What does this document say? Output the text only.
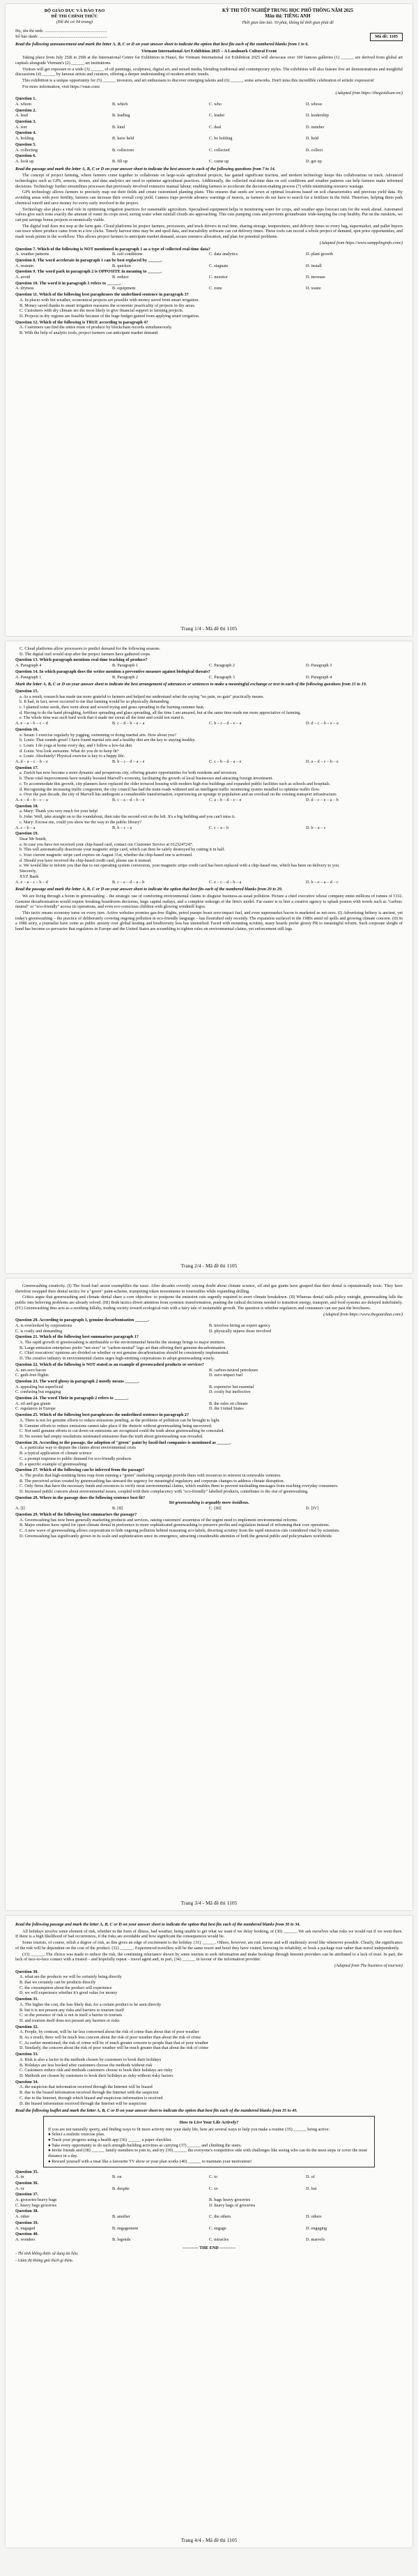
BỘ GIÁO DỤC VÀ ĐÀO TẠO
ĐỀ THI CHÍNH THỨC
(Đề thi có 04 trang)
KỲ THI TỐT NGHIỆP TRUNG HỌC PHỔ THÔNG NĂM 2025
Môn thi: TIẾNG ANH
Thời gian làm bài: 50 phút, không kể thời gian phát đề
Họ, tên thí sinh: .........................................................
Số báo danh: ..............................................................	Mã đề: 1105
Read the following announcement and mark the letter A, B, C or D on your answer sheet to indicate the option that best fits each of the numbered blanks from 1 to 6.
Vietnam International Art Exhibition 2025 – A Landmark Cultural Event
Taking place from July 25th to 29th at the International Centre for Exhibition in Hanoi, the Vietnam International Art Exhibition 2025 will showcase over 100 famous galleries (1) ______ are derived from global art capitals alongside Vietnam's (2) ______ art institutions.
Visitors will get exposure to a wide (3) ______ of oil paintings, sculptures, digital art, and mixed media, blending traditional and contemporary styles. The exhibition will also feature live art demonstrations and insightful discussions (4) ______ by famous artists and curators, offering a deeper understanding of modern artistic trends.
This exhibition is a unique opportunity for (5) ______ investors, and art enthusiasts to discover emerging talents and (6) ______ some artworks. Don't miss this incredible celebration of artistic expression!
For more information, visit https://vnae.com/
(Adapted from https://thegioidisan.vn/)
Question 1.
A. whom	B. which	C. who	D. whose
Question 2.
A. lead	B. leading	C. leader	D. leadership
Question 3.
A. sort	B. kind	C. deal	D. number
Question 4.
A. holding	B. have held	C. be holding	D. held
Question 5.
A. collecting	B. collectors	C. collected	D. collect
Question 6.
A. look up	B. fill up	C. come up	D. get up
Read the passage and mark the letter A, B, C or D on your answer sheet to indicate the best answer to each of the following questions from 7 to 14.
The concept of project farming, where farmers come together to collaborate on large-scale agricultural projects, has gained significant traction, and modern technology keeps this collaboration on track. Advanced technologies such as GPS, sensors, drones, and data analytics are used to optimise agricultural practices. Additionally, the collected real-time data on soil conditions and weather patterns can help farmers make informed decisions. Technology further streamlines processes that previously involved extensive manual labour, enabling farmers to accelerate the decision-making process (7) while minimising resource wastage.
GPS technology allows farmers to precisely map out their fields and create customised planting plans. This ensures that seeds are sown at optimal locations based on soil characteristics and previous yield data. By avoiding areas with poor fertility, farmers can increase their overall crop yield. Camera traps provide advance warnings of insects, as farmers do not have to search for a fertiliser in the field. Therefore, helping them park chemical runoff and save money for every early involved in the project.
Technology also plays a vital role in optimising irrigation practices for sustainable agriculture. Specialised equipment helps in monitoring water for crops, and weather apps forecast rain for the week ahead. Automated valves give each zone exactly the amount of water its crops need, saving water when rainfall clouds are approaching. This cuts pumping costs and prevents groundwater wide-keeping the crop healthy. Put on the outskirts, we can put savings bonus projects economically viable.
The digital trail does not stop at the farm gate. Cloud platforms let project farmers, processors, and truck drivers in real time, sharing storage, temperatures, and delivery times so every bag, supermarket, and pallet buyers can trace where produce came from in a few clicks. Timely harvest time may be and spoil data, and traceability software can cut delivery times. These tools can record a whole project of demand, spot price opportunities, and mark weak points in the workflow. This allows project farmers to anticipate market demand, secure resource allocation, and plan for potential problems.
(Adapted from https://www.sampplinginfo.com/)
Question 7. Which of the following is NOT mentioned in paragraph 1 as a type of collected real-time data?
A. weather patterns	B. soil conditions	C. data analytics	D. plant growth
Question 8. The word accelerate in paragraph 1 can be best replaced by ______.
A. restrain	B. quicken	C. stagnate	D. install
Question 9. The word park in paragraph 2 is OPPOSITE in meaning to ______.
A. avoid	B. reduce	C. monitor	D. increase
Question 10. The word it in paragraph 3 refers to ______.
A. dryness	B. equipment	C. zone	D. waste
Question 11. Which of the following best paraphrases the underlined sentence in paragraph 3?
A. In places with hot weather, economical projects are possible with money saved from smart irrigation.
B. Money saved thanks to smart irrigation reassures the economic practicality of projects in dry areas.
C. Customers with dry climate are the most likely to give financial support to farming projects.
D. Projects in dry regions are feasible because of the huge budget gained from applying smart irrigation.
Question 12. Which of the following is TRUE according to paragraph 4?
A. Customers can find the entire route of produce by blockchain records simultaneously.
B. With the help of analytic tools, project farmers can anticipate market demand.
Trang 1/4 - Mã đề thi 1105
C. Cloud platforms allow processors to predict demand for the following seasons.
D. The digital trail would stop after the project farmers have gathered crops.
Question 13. Which paragraph mentions real-time tracking of produce?
A. Paragraph 4	B. Paragraph 1	C. Paragraph 2	D. Paragraph 3
Question 14. In which paragraph does the writer mention a preventive measure against biological threats?
A. Paragraph 1	B. Paragraph 2	C. Paragraph 3	D. Paragraph 4
Mark the letter A, B, C or D on your answer sheet to indicate the best arrangement of utterances or sentences to make a meaningful exchange or text in each of the following questions from 15 to 19.
Question 15.
a. As a result, research has made me more grateful to farmers and helped me understand what the saying "no pain, no gain" practically means.
b. It had, in fact, never occurred to me that farming would be so physically demanding.
c. I planted some seeds, then went about and sowed trying and grass spreading in the burning summer heat.
d. Having to do the hand ploughing, fertiliser spreading and glass spreading, all the time I am amazed, but at the same time made me more appreciative of farming.
e. The whole time was such hard work that it made me sweat all the time and could not stand it.
A. e – a – b – c – d	B. c – d – b – e – a	C. b – c – d – e – a	D. d – c – b – e – a
Question 16.
a. Susan: I exercise regularly by jogging, swimming or doing martial arts. How about you?
b. Louis: That sounds great! I have found martial arts and a healthy diet are the key to staying healthy.
c. Louis: I do yoga at home every day, and I follow a low-fat diet.
d. Louis: You look awesome. What do you do to keep fit?
e. Louis: Absolutely! Physical exercise is key to a happy life.
A. d – a – c – b – e	B. b – c – d – a – e	C. c – b – d – a – e	D. a – d – c – b – e
Question 17.
a. Zurich has now become a more dynamic and prosperous city, offering greater opportunities for both residents and investors.
b. These vital improvements have notably boosted Marvell's economy, facilitating the growth of local businesses and attracting foreign investment.
c. To accommodate this growth, city planners have replaced the older terraced housing with modern high-rise buildings and expanded public facilities such as schools and hospitals.
d. Recognising the increasing traffic congestion, the city council has had the main roads widened and an intelligent traffic monitoring system installed to optimise traffic flow.
e. Over the past decade, the city of Marvell has undergone a considerable transformation, experiencing an upsurge in population and an overload on the existing transport infrastructure.
A. e – d – b – c – a	B. c – a – d – b – e	C. a – b – d – c – e	D. d – c – e – a – b
Question 18.
a. Mary: Thank you very much for your help!
b. John: Well, take straight on to the roundabout, then take the second exit on the left. It's a big building and you can't miss it.
c. Mary: Excuse me, could you show me the way to the public library?
A. c – b – a	B. b – c – a	C. c – a – b	D. b – a – c
Question 19.
Dear Mr Smith,
a. In case you have not received your chip-based card, contact our Customer Service at 0123247247.
b. This will automatically deactivate your magnetic stripe card, which can then be safely destroyed by cutting it in half.
c. Your current magnetic stripe card expires on August 31st, whether the chip-based one is activated.
d. Should you have received the chip-based credit card, please use it instead.
e. We would like to inform you that due to our operating system conversion, your magnetic stripe credit card has been replaced with a chip-based one, which has been on delivery to you.
Sincerely,
XYZ Bank
A. e – a – c – b – d	B. c – e – d – a – b	C. e – c – d – b – a	D. b – e – a – d – c
Read the passage and mark the letter A, B, C or D on your answer sheet to indicate the option that best fits each of the numbered blanks from 20 to 29.
We are living through a boom in greenwashing – the strategic use of comforting environmental claims to disguise business-as-usual pollution. Picture a chief executive whose company emits millions of tonnes of CO2. Genuine decarbonisation would require breaking boardroom decisions, huge capital outlays, and a complete redesign of the firm's model. Far easier is to hire a creative agency to splash posters with words such as "carbon-neutral" or "eco-friendly" across its operations, and even eco-conscious children with glowing windmill logos.
This tactic means economy turns on every turn. Active websites promise gas-free flights, petrol pumps boast zero-impact fuel, and even supermarket bacon is marketed as net-zero. (I) Advertising bribery is ancient, yet today's greenwashing – the practice of deliberately covering ongoing pollution in eco-friendly language – has flourished only recently. The expansion surfaced in the 1980s amid oil spills and growing climate concern. (II) In a 1986 story, a journalist have come as public anxiety over global heating and biodiversity loss has intensified. Faced with mounting scrutiny, many boards prefer glossy PR to meaningful reform. Such corporate sleight of hand has become so pervasive that regulators in Europe and the United States are scrambling to tighten rules on environmental claims, yet enforcement still lags.
Trang 2/4 - Mã đề thi 1105
Greenwashing creativity. (I) The fossil-fuel sector exemplifies the issue. After decades covertly sowing doubt about climate science, oil and gas giants have grasped that their denial is reputationally toxic. They have therefore swapped their denial tactics for a "green" paint-scheme, trumpeting token investments in renewables while expanding drilling.
Critics argue that greenwashing and climate denial share a core objective: to postpone the emission cuts urgently required to avert climate breakdown. (II) Whereas denial stalls policy outright, greenwashing lulls the public into believing problems are already solved. (III) Both tactics divert attention from systemic transformation, pushing the radical decisions needed to transition energy, transport, and food systems are delayed indefinitely. (IV) Greenwashing thus acts as a soothing lullaby, trading society toward ecological ruin with a fairy tale of sustainable growth. The question is whether regulators and consumers can see past the brochures.
(Adapted from https://www.theguardian.com/)
Question 20. According to paragraph 1, genuine decarbonisation ______.
A. is overlooked by corporations	B. involves hiring an expert agency
C. is costly and demanding	D. physically injures those involved
Question 21. Which of the following best summarises paragraph 1?
A. The rapid growth of greenwashing is attributable to the environmental benefits the strategy brings to major emitters.
B. Large-emission enterprises prefer "net-zero" or "carbon-neutral" logo art than offering their genuine decarbonisation.
C. Chief executives' opinions are divided on whether or not genuine decarbonisation should be consistently implemented.
D. The creative industry in environmental claims urges high-emitting corporations to adopt greenwashing wisely.
Question 22. Which of the following is NOT stated as an example of greenwashed products or services?
A. net-zero bacon	B. carbon-neutral petroleum
C. guilt-free flights	D. zero-impact fuel
Question 23. The word glossy in paragraph 2 mostly means ______.
A. appealing but superficial	B. expensive but essential
C. confusing but engaging	D. costly but ineffective
Question 24. The word Their in paragraph 2 refers to ______.
A. oil and gas giants	B. the rules on climate
C. regulators in Europe	D. the United States
Question 25. Which of the following best paraphrases the underlined sentence in paragraph 2?
A. There is not for genuine efforts to reduce emissions pending, as the problems of pollution can be brought to light.
B. Genuine efforts to reduce emissions cannot take place if the rhetoric without greenwashing being uncovered.
C. Not until genuine efforts to cut down on emissions are recognised could the truth about greenwashing be concealed.
D. No sooner had empty resolutions mistreated emissions than the truth about greenwashing was revealed.
Question 26. According to the passage, the adoption of "green" paint by fossil-fuel companies is mentioned as ______.
A. a particular way to dispute the claims about environmental crisis
B. a typical application of climate science
C. a prompt response to public demand for eco-friendly products
D. a specific example of greenwashing
Question 27. Which of the following can be inferred from the passage?
A. The profits that high-emitting firms reap from running a "green" marketing campaign provide them with resources to reinvest in renewable ventures.
B. The perceived action created by greenwashing has stressed the urgency for meaningful regulatory and corporate changes to address climate disruption.
C. Only firms that have the necessary funds and resources to verify most environmental claims, which enables them to prevent misleading messages from reaching everyday consumers.
D. Increased public concern about environmental issues, coupled with their complacency with "eco-friendly" labelled products, contributes to the rise of greenwashing.
Question 28. Where in the passage does the following sentence best fit?
Yet greenwashing is arguably more insidious.
A. [I]	B. [II]	C. [III]	D. [IV]
Question 29. Which of the following best summarises the passage?
A. Greenwashing has now been generally marketing products and services, raising customers' awareness of the urgent need to implement environmental reforms.
B. Major emitters have opted for open climate denial in preference to more sophisticated greenwashing to preserve profits and regulation instead of reforming their core operations.
C. A new wave of greenwashing allows corporations to hide ongoing pollution behind reassuring eco-labels, diverting scrutiny from the rapid emission cuts considered vital by scientists.
D. Greenwashing has significantly grown in its scale and sophistication since its emergence, attracting considerable attention of both the general public and policymakers worldwide.
Trang 3/4 - Mã đề thi 1105
Read the following passage and mark the letter A, B, C or D on your answer sheet to indicate the option that best fits each of the numbered blanks from 30 to 34.
All holidays involve some element of risk, whether in the form of illness, bad weather, being unable to get what we want if we delay booking, or (30) ______. We ask ourselves what risks we would run if we went there. If there is a high likelihood of bad occurrences, if the risks are avoidable and how significant the consequences would be.
Some tourists, of course, relish a degree of risk, as this gives an edge of excitement to the holiday. (31) ______. Others, however, are risk averse and will studiously avoid like whenever possible. Clearly, the significance of the risk will be dependent on the cost of the product. (32) ______. Experienced travellers will be the same resort and hotel they have visited, knowing its reliability, or book a package tour rather than travel independently.
(33) ______. The choice was made to reduce the risk, the continuing reluctance shown by some tourists to seek information and make bookings through Internet providers can be attributed to a lack of trust. In part, the lack of face-to-face contact with a trusted – and hopefully repeat – travel agent and, in part, (34) ______ in favour of the information provider.
(Adapted from The business of tourism)
Question 30.
A. what are the products we will be certainly being directly
B. that we certainly can be products directly
C. the consumption about the product will experience
D. we will experience whether it's good value for money
Question 31.
A. The higher the cost, the less likely that, for a certain product to be seen directly
B. but it is not present any risks and barriers to tourism itself
C. so the presence of risk is not in itself a barrier to tourism
D. and tourism itself does not present any barriers or risks
Question 32.
A. People, by contrast, will be far less concerned about the risk of crime than about that of poor weather
B. As a result, there will be much less concern about the risk of poor weather than about the risk of crime
C. As earlier mentioned, the risk of crime will be of much greater concern to people than that of poor weather
D. Similarly, the concern about the risk of poor weather will be much greater than that about the risk of crime
Question 33.
A. Risk is also a factor in the methods chosen by customers to book their holidays
B. Holidays are less booked after customers choose the methods without risk
C. Customers reduce risk and methods customers choose to book their holidays are risky
D. Methods are chosen by customers to book their holidays as risky without risky factors
Question 34.
A. the suspicion that information received through the Internet will be biased
B. due to the biased information received through the Internet with the suspicion
C. due to the Internet, through which biased and suspicious information is received
D. the biased information received through the Internet will be suspicious
Read the following leaflet and mark the letter A, B, C or D on your answer sheet to indicate the option that best fits each of the numbered blanks from 35 to 40.
How to Live Your Life Actively?
If you are not naturally sporty, and finding ways to fit more activity into your daily life, here are several ways to help you make a routine (35) ______ being active:
● Select a realistic exercise plan.
● Track your progress using a health app (36) ______ a paper checklist.
● Take every opportunity to do such strength-building activities as carrying (37) ______ and climbing the stairs.
● Invite friends and (38) ______ family members to join in, and try (39) ______ the everyone's competitive side with challenges like seeing who can do the most steps or cover the most distance in a day.
● Reward yourself with a treat like a favourite TV show or your plan works (40) ______ to maintain your motivation!
Question 35.
A. in	B. on	C. to	D. of
Question 36.
A. or	B. despite	C. so	D. but
Question 37.
A. groceries heavy bags	B. bags heavy groceries
C. heavy bags groceries	D. heavy bags of groceries
Question 38.
A. other	B. another	C. the others	D. others
Question 39.
A. engaged	B. engagement	C. engage	D. engaging
Question 40.
A. wonders	B. legends	C. miracles	D. marvels
----------- THE END -----------
- Thí sinh không được sử dụng tài liệu;
- Giám thị không giải thích gì thêm.
Trang 4/4 - Mã đề thi 1105
